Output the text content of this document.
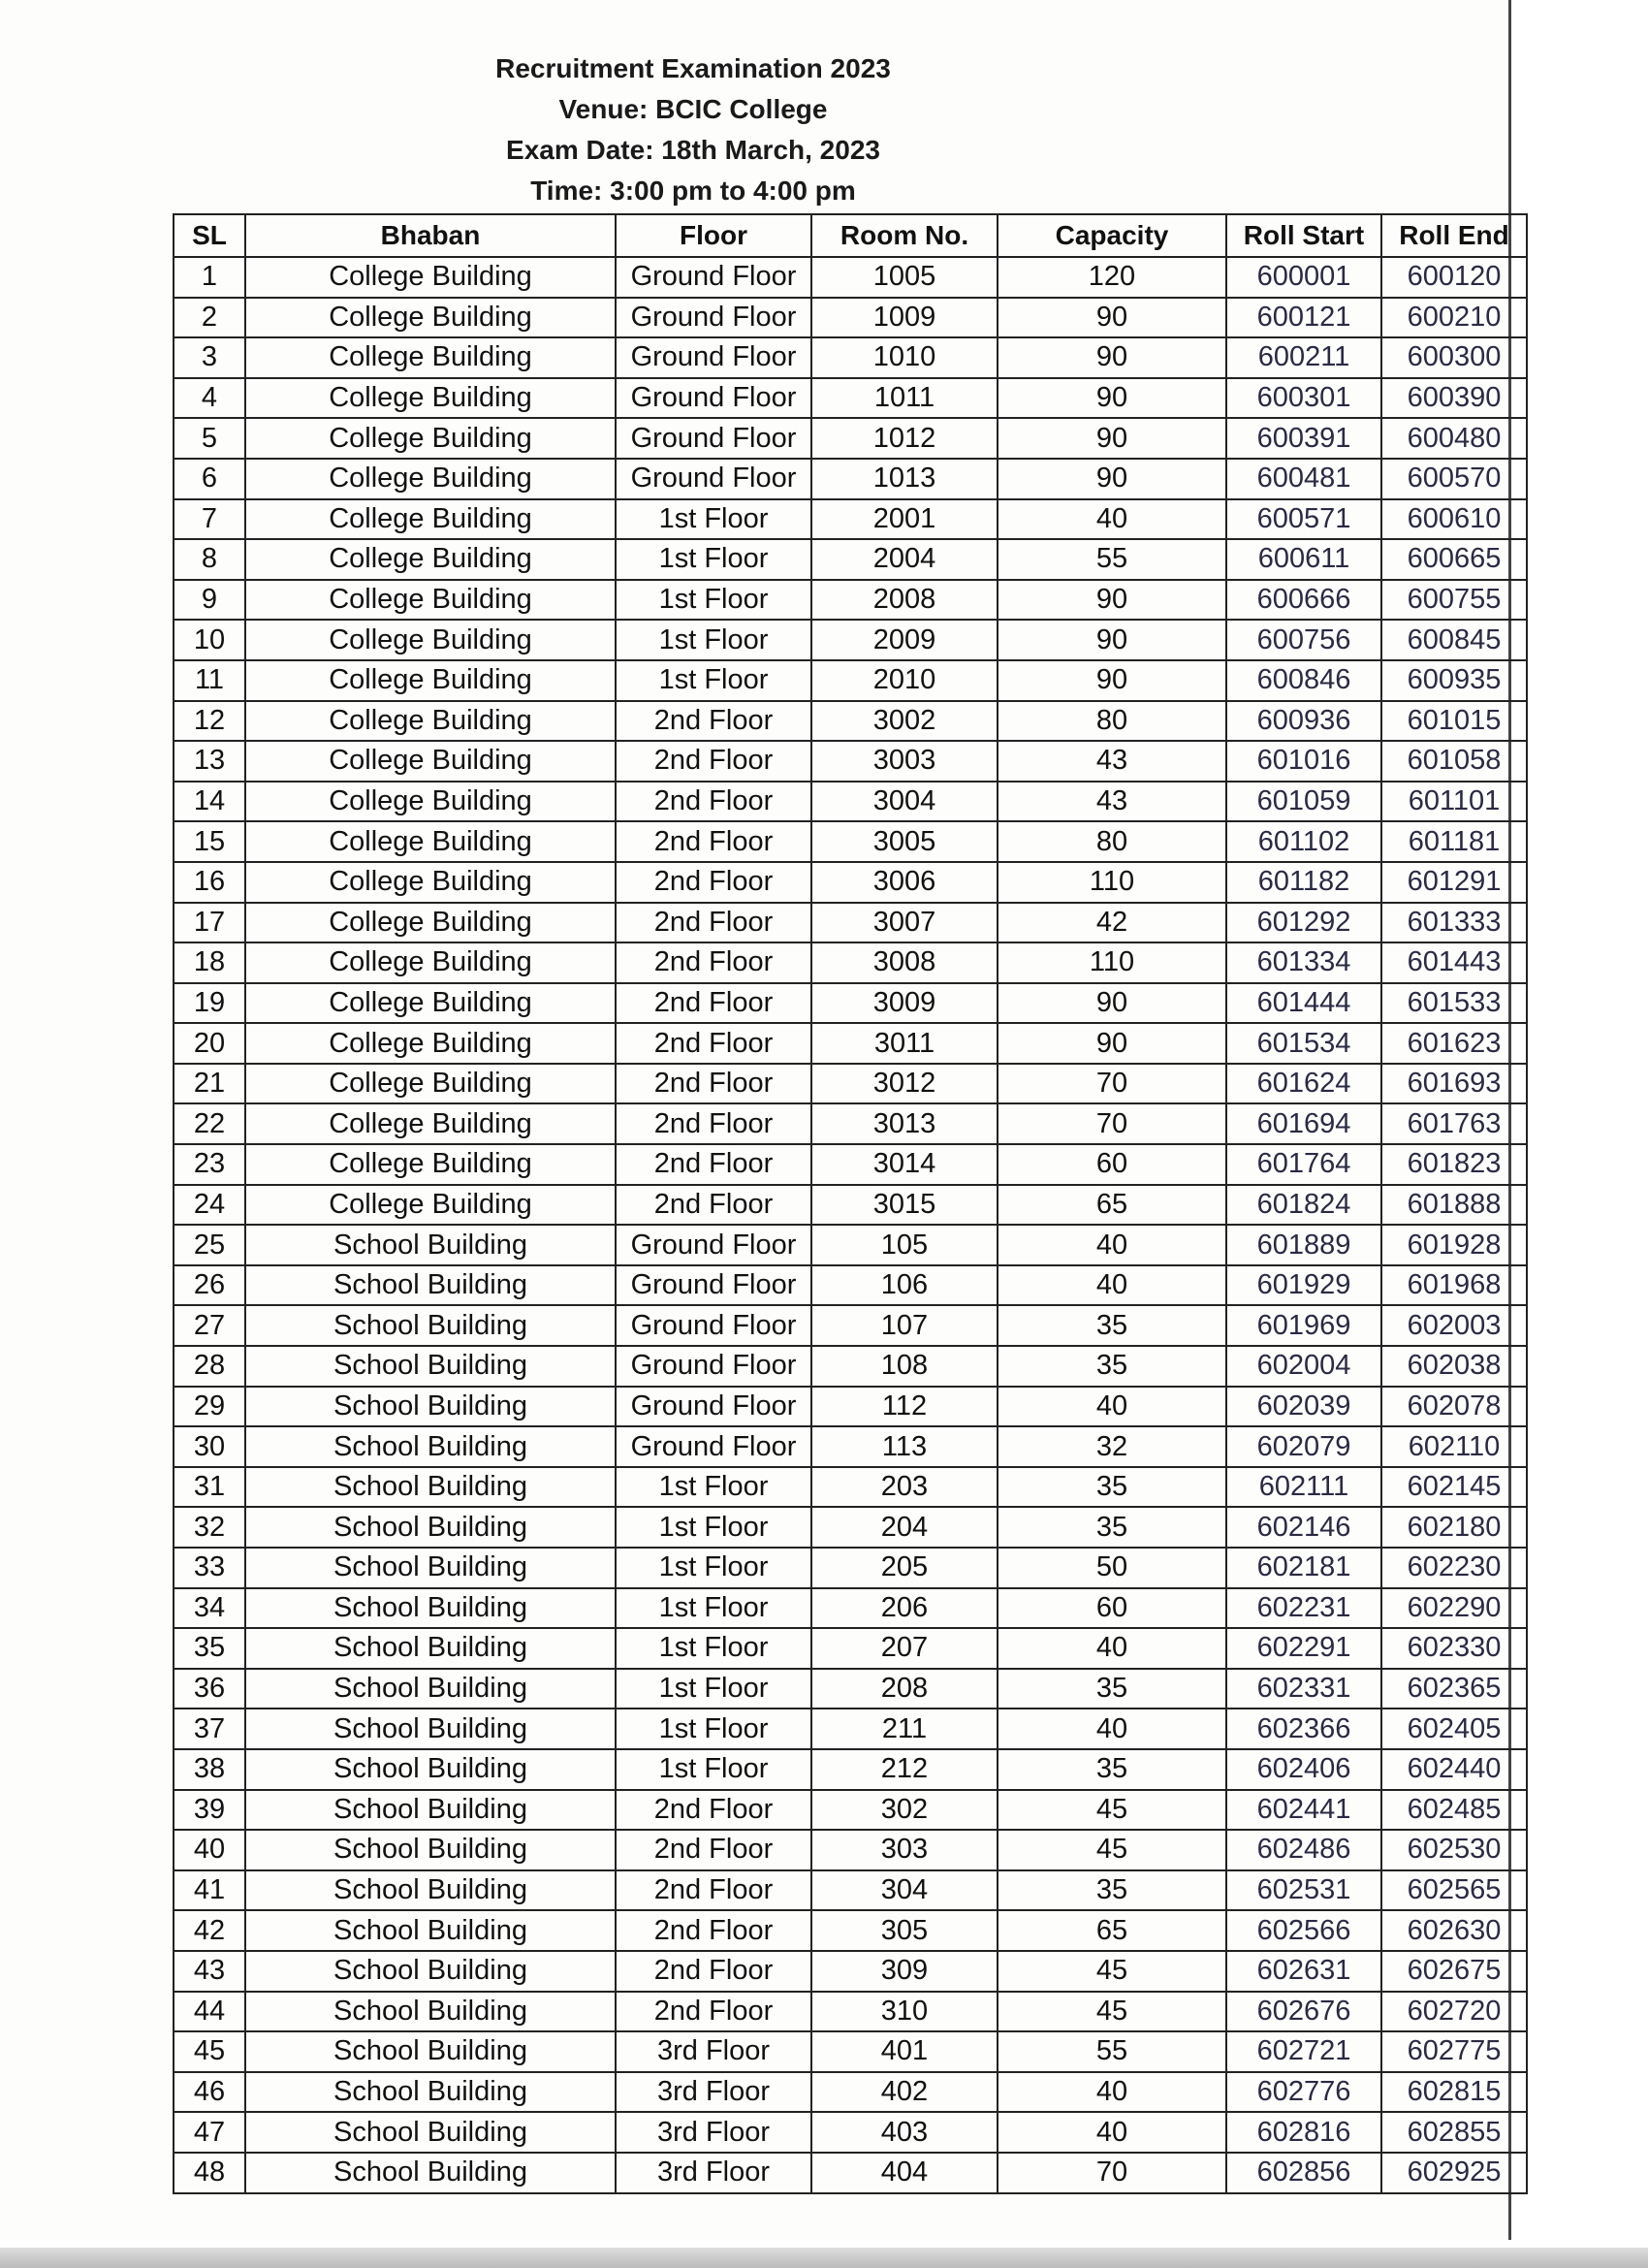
Recruitment Examination 2023
Venue: BCIC College
Exam Date: 18th March, 2023
Time: 3:00 pm to 4:00 pm
SL	Bhaban	Floor	Room No.	Capacity	Roll Start	Roll End
1	College Building	Ground Floor	1005	120	600001	600120
2	College Building	Ground Floor	1009	90	600121	600210
3	College Building	Ground Floor	1010	90	600211	600300
4	College Building	Ground Floor	1011	90	600301	600390
5	College Building	Ground Floor	1012	90	600391	600480
6	College Building	Ground Floor	1013	90	600481	600570
7	College Building	1st Floor	2001	40	600571	600610
8	College Building	1st Floor	2004	55	600611	600665
9	College Building	1st Floor	2008	90	600666	600755
10	College Building	1st Floor	2009	90	600756	600845
11	College Building	1st Floor	2010	90	600846	600935
12	College Building	2nd Floor	3002	80	600936	601015
13	College Building	2nd Floor	3003	43	601016	601058
14	College Building	2nd Floor	3004	43	601059	601101
15	College Building	2nd Floor	3005	80	601102	601181
16	College Building	2nd Floor	3006	110	601182	601291
17	College Building	2nd Floor	3007	42	601292	601333
18	College Building	2nd Floor	3008	110	601334	601443
19	College Building	2nd Floor	3009	90	601444	601533
20	College Building	2nd Floor	3011	90	601534	601623
21	College Building	2nd Floor	3012	70	601624	601693
22	College Building	2nd Floor	3013	70	601694	601763
23	College Building	2nd Floor	3014	60	601764	601823
24	College Building	2nd Floor	3015	65	601824	601888
25	School Building	Ground Floor	105	40	601889	601928
26	School Building	Ground Floor	106	40	601929	601968
27	School Building	Ground Floor	107	35	601969	602003
28	School Building	Ground Floor	108	35	602004	602038
29	School Building	Ground Floor	112	40	602039	602078
30	School Building	Ground Floor	113	32	602079	602110
31	School Building	1st Floor	203	35	602111	602145
32	School Building	1st Floor	204	35	602146	602180
33	School Building	1st Floor	205	50	602181	602230
34	School Building	1st Floor	206	60	602231	602290
35	School Building	1st Floor	207	40	602291	602330
36	School Building	1st Floor	208	35	602331	602365
37	School Building	1st Floor	211	40	602366	602405
38	School Building	1st Floor	212	35	602406	602440
39	School Building	2nd Floor	302	45	602441	602485
40	School Building	2nd Floor	303	45	602486	602530
41	School Building	2nd Floor	304	35	602531	602565
42	School Building	2nd Floor	305	65	602566	602630
43	School Building	2nd Floor	309	45	602631	602675
44	School Building	2nd Floor	310	45	602676	602720
45	School Building	3rd Floor	401	55	602721	602775
46	School Building	3rd Floor	402	40	602776	602815
47	School Building	3rd Floor	403	40	602816	602855
48	School Building	3rd Floor	404	70	602856	602925
